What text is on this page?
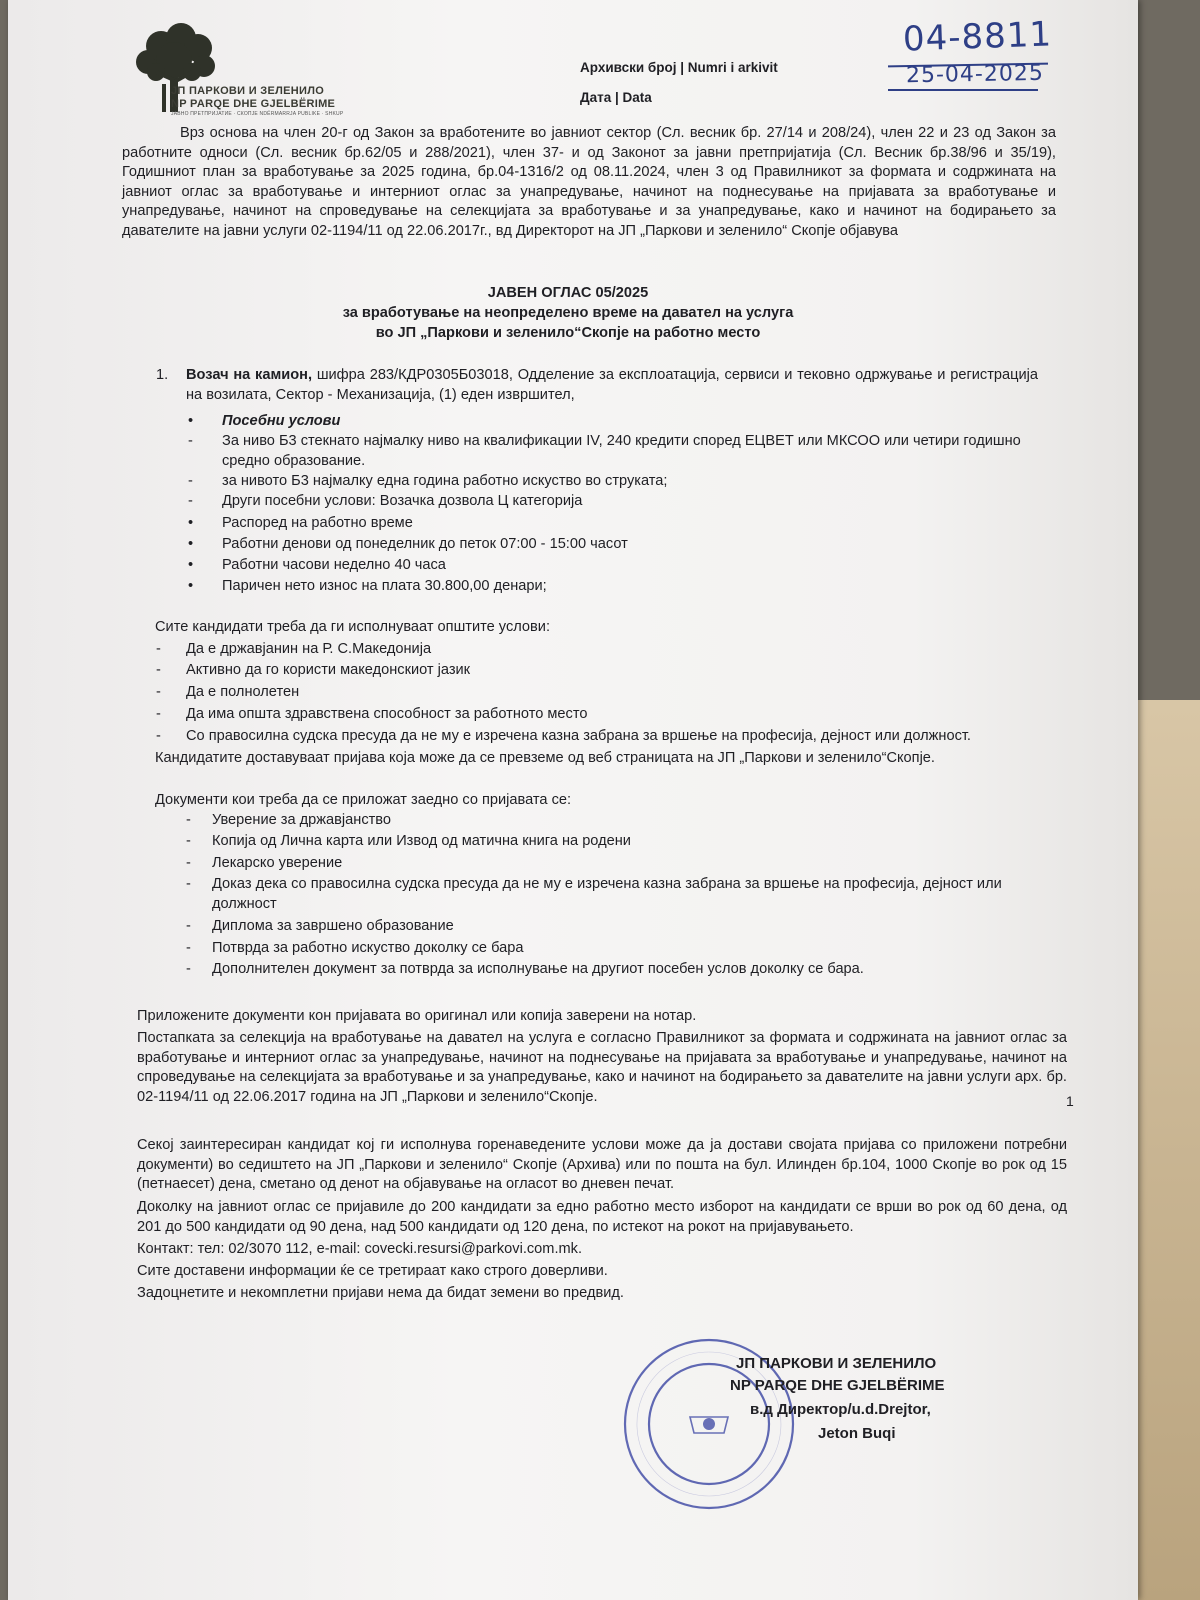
ЈП ПАРКОВИ И ЗЕЛЕНИЛО
NP PARQE DHE GJELBËRIME
ЈАВНО ПРЕТПРИЈАТИЕ · СКОПЈЕ NDËRMARRJA PUBLIKE · SHKUP
Архивски број | Numri i arkivit
Дата | Data
04-8811
25-04-2025
Врз основа на член 20-г од Закон за вработените во јавниот сектор (Сл. весник бр. 27/14 и 208/24), член 22 и 23 од Закон за работните односи (Сл. весник бр.62/05 и 288/2021), член 37- и од Законот за јавни претпријатија (Сл. Весник бр.38/96 и 35/19), Годишниот план за вработување за 2025 година, бр.04-1316/2 од 08.11.2024, член 3 од Правилникот за формата и содржината на јавниот оглас за вработување и интерниот оглас за унапредување, начинот на поднесување на пријавата за вработување и унапредување, начинот на спроведување на селекцијата за вработување и за унапредување, како и начинот на бодирањето за давателите на јавни услуги 02-1194/11 од 22.06.2017г., вд Директорот на ЈП „Паркови и зеленило“ Скопје објавува
ЈАВЕН ОГЛАС 05/2025
за вработување на неопределено време на давател на услуга
во ЈП „Паркови и зеленило“Скопје на работно место
1. Возач на камион, шифра 283/КДР0305Б03018, Одделение за експлоатација, сервиси и тековно одржување и регистрација на возилата, Сектор - Механизација, (1) еден извршител,
• Посебни услови
- За ниво Б3 стекнато најмалку ниво на квалификации IV, 240 кредити според ЕЦВЕТ или МКСОО или четири годишно средно образование.
- за нивото Б3 најмалку една година работно искуство во струката;
- Други посебни услови: Возачка дозвола Ц категорија
• Распоред на работно време
• Работни денови од понеделник до петок 07:00 - 15:00 часот
• Работни часови неделно 40 часа
• Паричен нето износ на плата 30.800,00 денари;
Сите кандидати треба да ги исполнуваат општите услови:
- Да е државјанин на Р. С.Македонија
- Активно да го користи македонскиот јазик
- Да е полнолетен
- Да има општа здравствена способност за работното место
- Со правосилна судска пресуда да не му е изречена казна забрана за вршење на професија, дејност или должност.
Кандидатите доставуваат пријава која може да се превземе од веб страницата на ЈП „Паркови и зеленило“Скопје.
Документи кои треба да се приложат заедно со пријавата се:
- Уверение за државјанство
- Копија од Лична карта или Извод од матична книга на родени
- Лекарско уверение
- Доказ дека со правосилна судска пресуда да не му е изречена казна забрана за вршење на професија, дејност или должност
- Диплома за завршено образование
- Потврда за работно искуство доколку се бара
- Дополнителен документ за потврда за исполнување на другиот посебен услов доколку се бара.
Приложените документи кон пријавата во оригинал или копија заверени на нотар.
Постапката за селекција на вработување на давател на услуга е согласно Правилникот за формата и содржината на јавниот оглас за вработување и интерниот оглас за унапредување, начинот на поднесување на пријавата за вработување и унапредување, начинот на спроведување на селекцијата за вработување и за унапредување, како и начинот на бодирањето за давателите на јавни услуги арх. бр. 02-1194/11 од 22.06.2017 година на ЈП „Паркови и зеленило“Скопје.
Секој заинтересиран кандидат кој ги исполнува горенаведените услови може да ја достави својата пријава со приложени потребни документи) во седиштето на ЈП „Паркови и зеленило“ Скопје (Архива) или по пошта на бул. Илинден бр.104, 1000 Скопје во рок од 15 (петнаесет) дена, сметано од денот на објавување на огласот во дневен печат.
Доколку на јавниот оглас се пријавиле до 200 кандидати за едно работно место изборот на кандидати се врши во рок од 60 дена, од 201 до 500 кандидати од 90 дена, над 500 кандидати од 120 дена, по истекот на рокот на пријавувањето.
Контакт: тел: 02/3070 112, e-mail: covecki.resursi@parkovi.com.mk.
Сите доставени информации ќе се третираат како строго доверливи.
Задоцнетите и некомплетни пријави нема да бидат земени во предвид.
ЈП ПАРКОВИ И ЗЕЛЕНИЛО
NP PARQE DHE GJELBËRIME
в.д Директор/u.d.Drejtor,
Jeton Buqi
1
